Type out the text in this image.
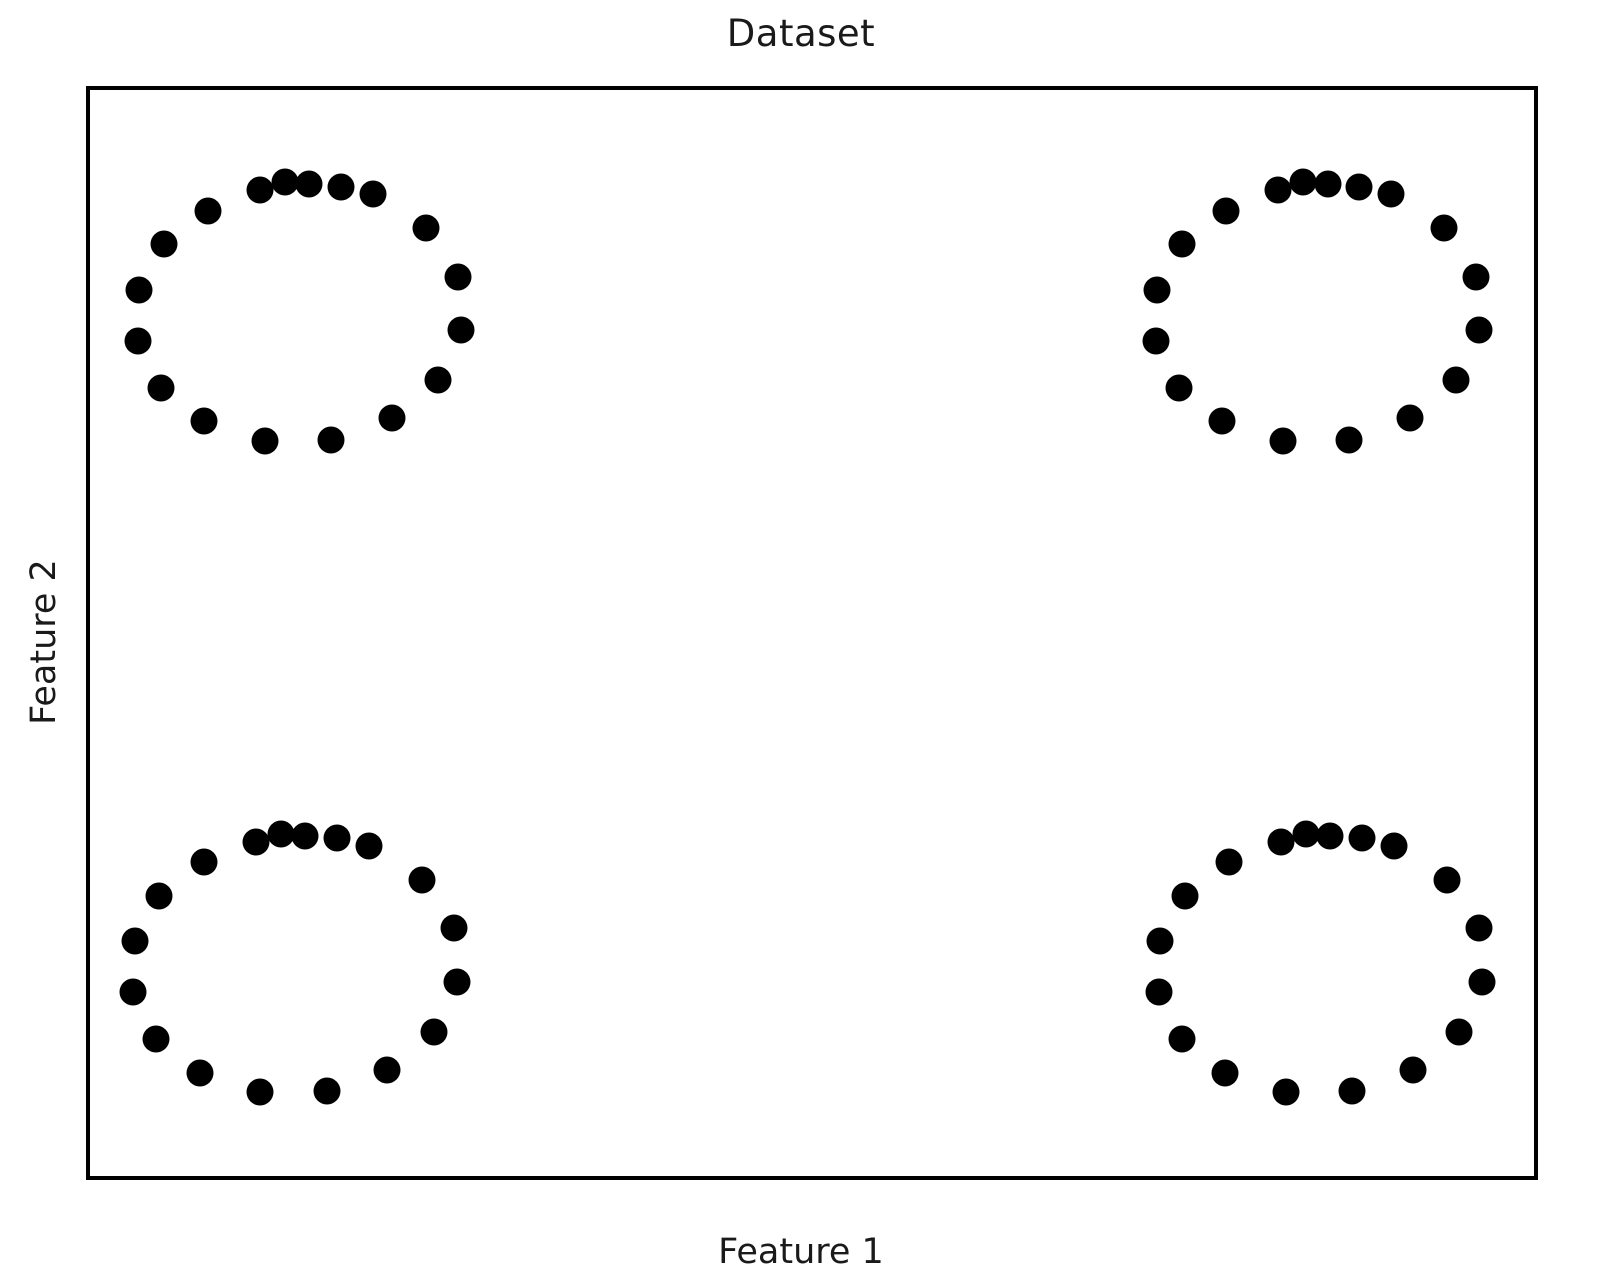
Dataset
Feature 2
Feature 1
